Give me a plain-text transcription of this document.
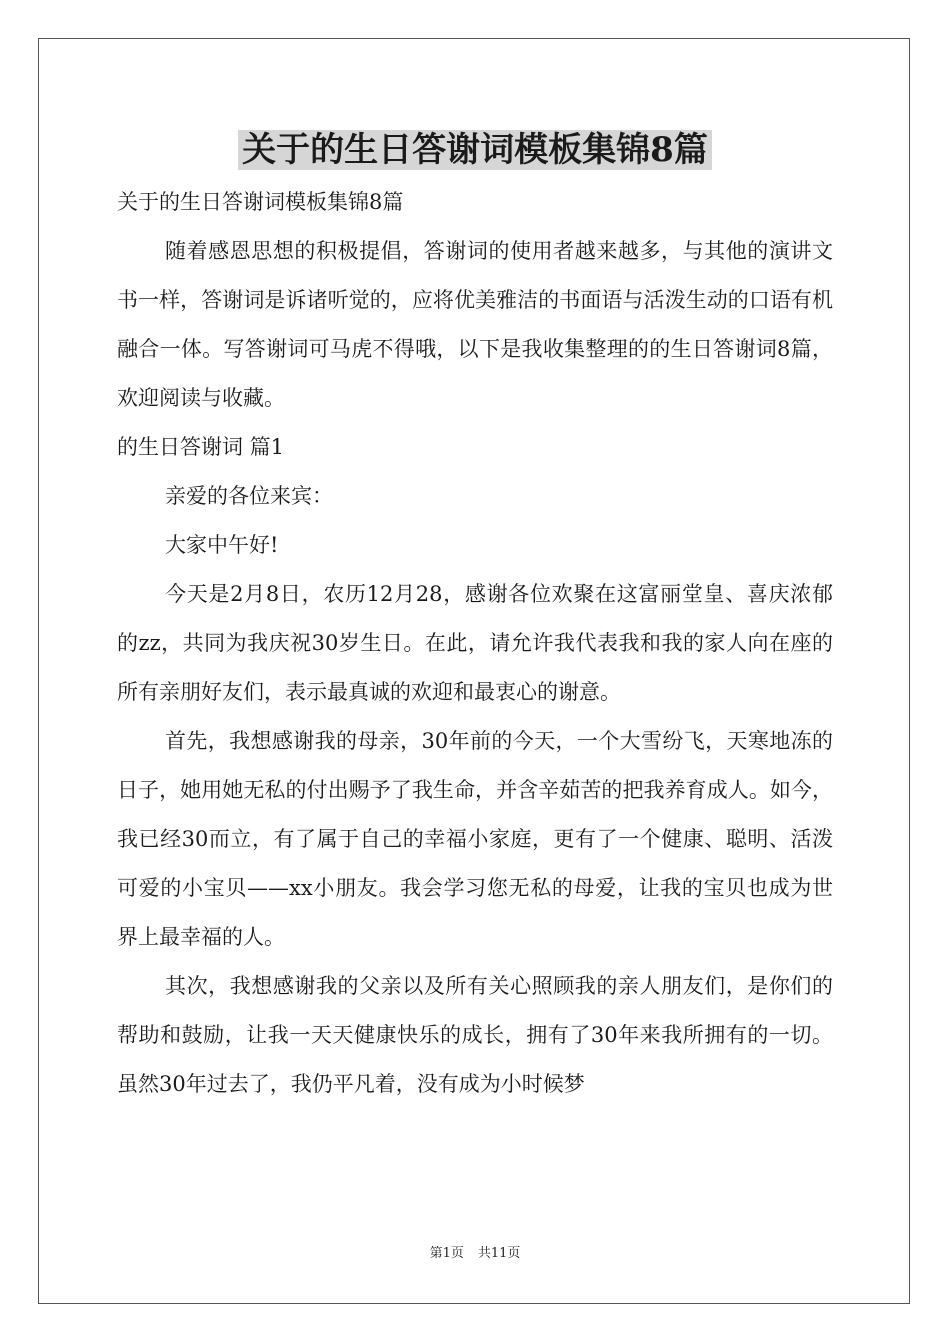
关于的生日答谢词模板集锦8篇

关于的生日答谢词模板集锦8篇

随着感恩思想的积极提倡，答谢词的使用者越来越多，与其他的演讲文书一样，答谢词是诉诸听觉的，应将优美雅洁的书面语与活泼生动的口语有机融合一体。写答谢词可马虎不得哦，以下是我收集整理的的生日答谢词8篇，欢迎阅读与收藏。

的生日答谢词 篇1

亲爱的各位来宾：

大家中午好!

今天是2月8日，农历12月28，感谢各位欢聚在这富丽堂皇、喜庆浓郁的zz，共同为我庆祝30岁生日。在此，请允许我代表我和我的家人向在座的所有亲朋好友们，表示最真诚的欢迎和最衷心的谢意。

首先，我想感谢我的母亲，30年前的今天，一个大雪纷飞，天寒地冻的日子，她用她无私的付出赐予了我生命，并含辛茹苦的把我养育成人。如今，我已经30而立，有了属于自己的幸福小家庭，更有了一个健康、聪明、活泼可爱的小宝贝——xx小朋友。我会学习您无私的母爱，让我的宝贝也成为世界上最幸福的人。

其次，我想感谢我的父亲以及所有关心照顾我的亲人朋友们，是你们的帮助和鼓励，让我一天天健康快乐的成长，拥有了30年来我所拥有的一切。虽然30年过去了，我仍平凡着，没有成为小时候梦

第1页 共11页
